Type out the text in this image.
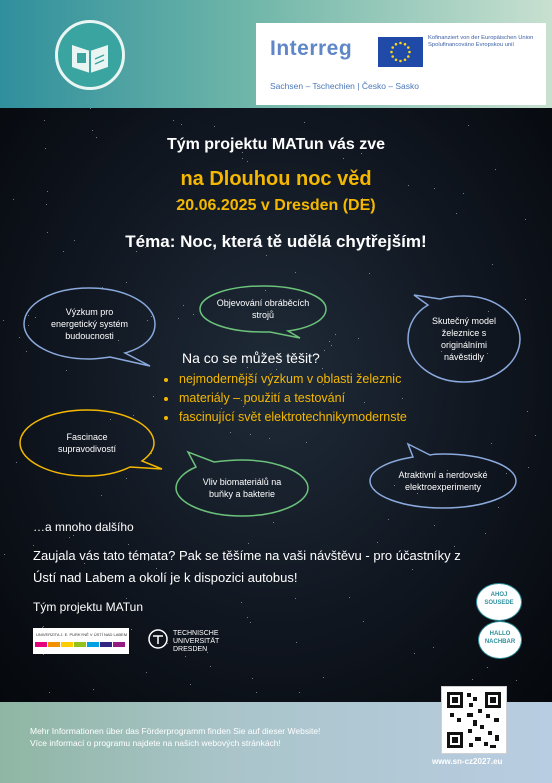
Interreg	Kofinanziert von der Europäischen Union Spolufinancováno Evropskou unií
Sachsen – Tschechien | Česko – Sasko
Tým projektu MATun vás zve
na Dlouhou noc věd
20.06.2025 v Dresden (DE)
Téma: Noc, která tě udělá chytřejším!
Výzkum pro energetický systém budoucnosti
Objevování obráběcích strojů
Skutečný model železnice s originálními návěstidly
Fascinace supravodivostí
Vliv biomateriálů na buňky a bakterie
Atraktivní a nerdovské elektroexperimenty
Na co se můžeš těšit?
nejmodernější výzkum v oblasti železnic
materiály – použití a testování
fascinující svět elektrotechnikymodernste
…a mnoho dalšího
Zaujala vás tato témata? Pak se těšíme na vaši návštěvu - pro účastníky z
Ústí nad Labem a okolí je k dispozici autobus!
Tým projektu MATun
UNIVERZITA J. E. PURKYNĚ V ÚSTÍ NAD LABEM	TECHNISCHE
UNIVERSITÄT
DRESDEN
AHOJ
SOUSEDE
HALLO
NACHBAR
Mehr Informationen über das Förderprogramm finden Sie auf dieser Website!
Více informací o programu najdete na našich webových stránkách!
www.sn-cz2027.eu
